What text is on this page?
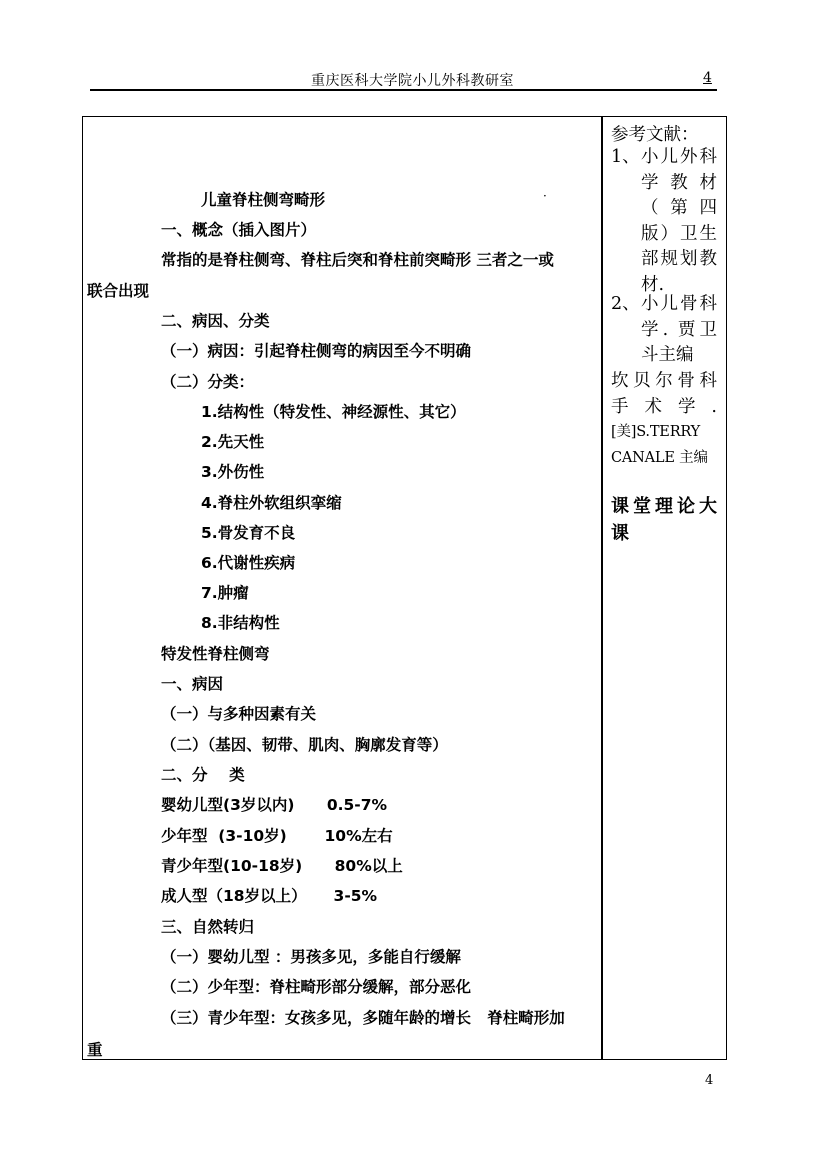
重庆医科大学院小儿外科教研室	4
儿童脊柱侧弯畸形	·
一、概念（插入图片）
常指的是脊柱侧弯、脊柱后突和脊柱前突畸形 三者之一或
联合出现
二、病因、分类
（一）病因：引起脊柱侧弯的病因至今不明确
（二）分类：
1.结构性（特发性、神经源性、其它）
2.先天性
3.外伤性
4.脊柱外软组织挛缩
5.骨发育不良
6.代谢性疾病
7.肿瘤
8.非结构性
特发性脊柱侧弯
一、病因
（一）与多种因素有关
（二）（基因、韧带、肌肉、胸廓发育等）
二、分    类
婴幼儿型(3岁以内)      0.5-7%
少年型  (3-10岁)       10%左右
青少年型(10-18岁)      80%以上
成人型（18岁以上）     3-5%
三、自然转归
（一）婴幼儿型 ：男孩多见，多能自行缓解
（二）少年型：脊柱畸形部分缓解，部分恶化
（三）青少年型：女孩多见，多随年龄的增长   脊柱畸形加
重
参考文献：
1、 小儿外科
学 教 材
（ 第 四
版）卫生
部规划教
材.
2、 小儿骨科
学. 贾卫
斗主编
坎贝尔骨科
手 术 学 .
[美]S.TERRY
CANALE 主编
课堂理论大
课
4
